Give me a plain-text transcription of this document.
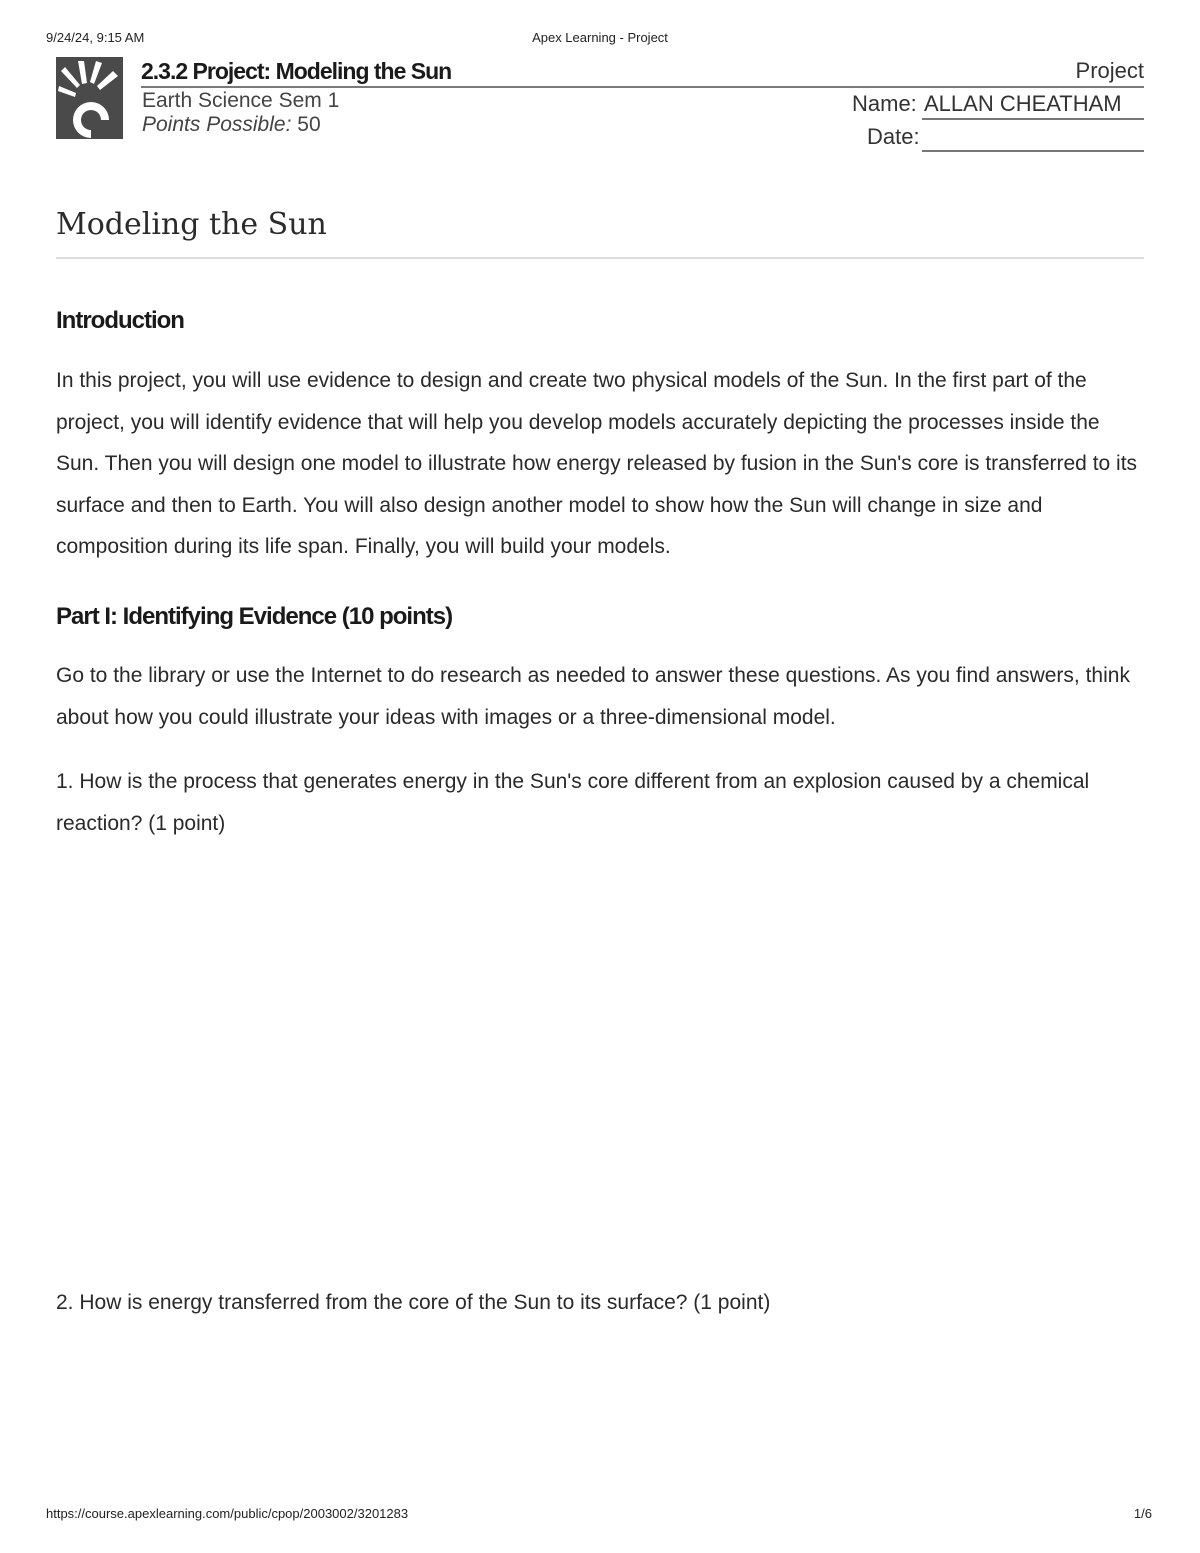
9/24/24, 9:15 AM	Apex Learning - Project
2.3.2 Project: Modeling the Sun	Project
Earth Science Sem 1
Points Possible: 50
Name: ALLAN CHEATHAM
Date:
Modeling the Sun
Introduction

In this project, you will use evidence to design and create two physical models of the Sun. In the first part of the project, you will identify evidence that will help you develop models accurately depicting the processes inside the Sun. Then you will design one model to illustrate how energy released by fusion in the Sun's core is transferred to its surface and then to Earth. You will also design another model to show how the Sun will change in size and composition during its life span. Finally, you will build your models.

Part I: Identifying Evidence (10 points)

Go to the library or use the Internet to do research as needed to answer these questions. As you find answers, think about how you could illustrate your ideas with images or a three-dimensional model.

1. How is the process that generates energy in the Sun's core different from an explosion caused by a chemical reaction? (1 point)

2. How is energy transferred from the core of the Sun to its surface? (1 point)

https://course.apexlearning.com/public/cpop/2003002/3201283	1/6
